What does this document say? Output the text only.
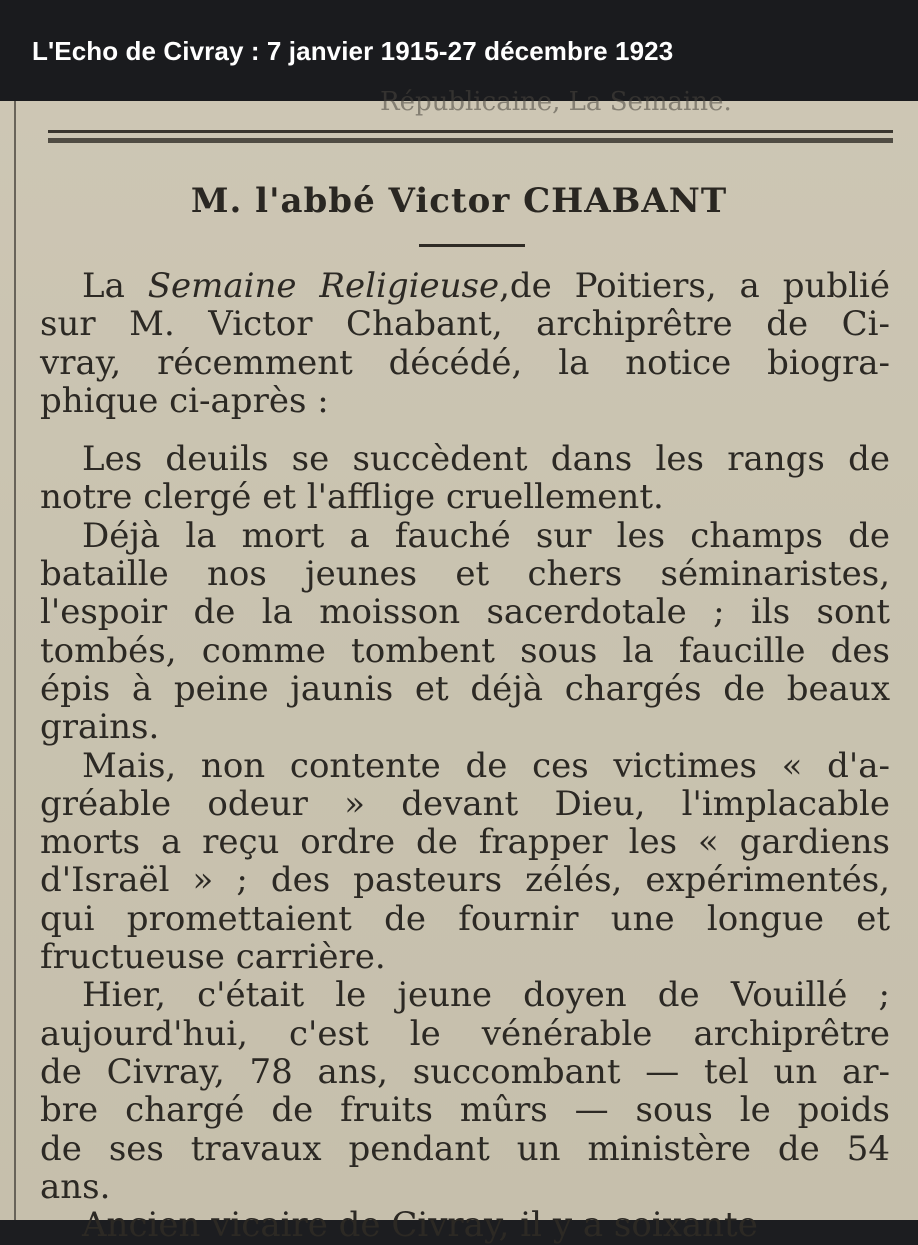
L'Echo de Civray : 7 janvier 1915-27 décembre 1923
Républicaine, La Semaine.
M. l'abbé Victor CHABANT
La Semaine Religieuse,de Poitiers, a publié
sur M. Victor Chabant, archiprêtre de Ci-
vray, récemment décédé, la notice biogra-
phique ci-après :
Les deuils se succèdent dans les rangs de
notre clergé et l'afflige cruellement.
Déjà la mort a fauché sur les champs de
bataille nos jeunes et chers séminaristes,
l'espoir de la moisson sacerdotale ; ils sont
tombés, comme tombent sous la faucille des
épis à peine jaunis et déjà chargés de beaux
grains.
Mais, non contente de ces victimes « d'a-
gréable odeur » devant Dieu, l'implacable
morts a reçu ordre de frapper les « gardiens
d'Israël » ; des pasteurs zélés, expérimentés,
qui promettaient de fournir une longue et
fructueuse carrière.
Hier, c'était le jeune doyen de Vouillé ;
aujourd'hui, c'est le vénérable archiprêtre
de Civray, 78 ans, succombant — tel un ar-
bre chargé de fruits mûrs — sous le poids
de ses travaux pendant un ministère de 54
ans.
Ancien vicaire de Civray, il y a soixante
